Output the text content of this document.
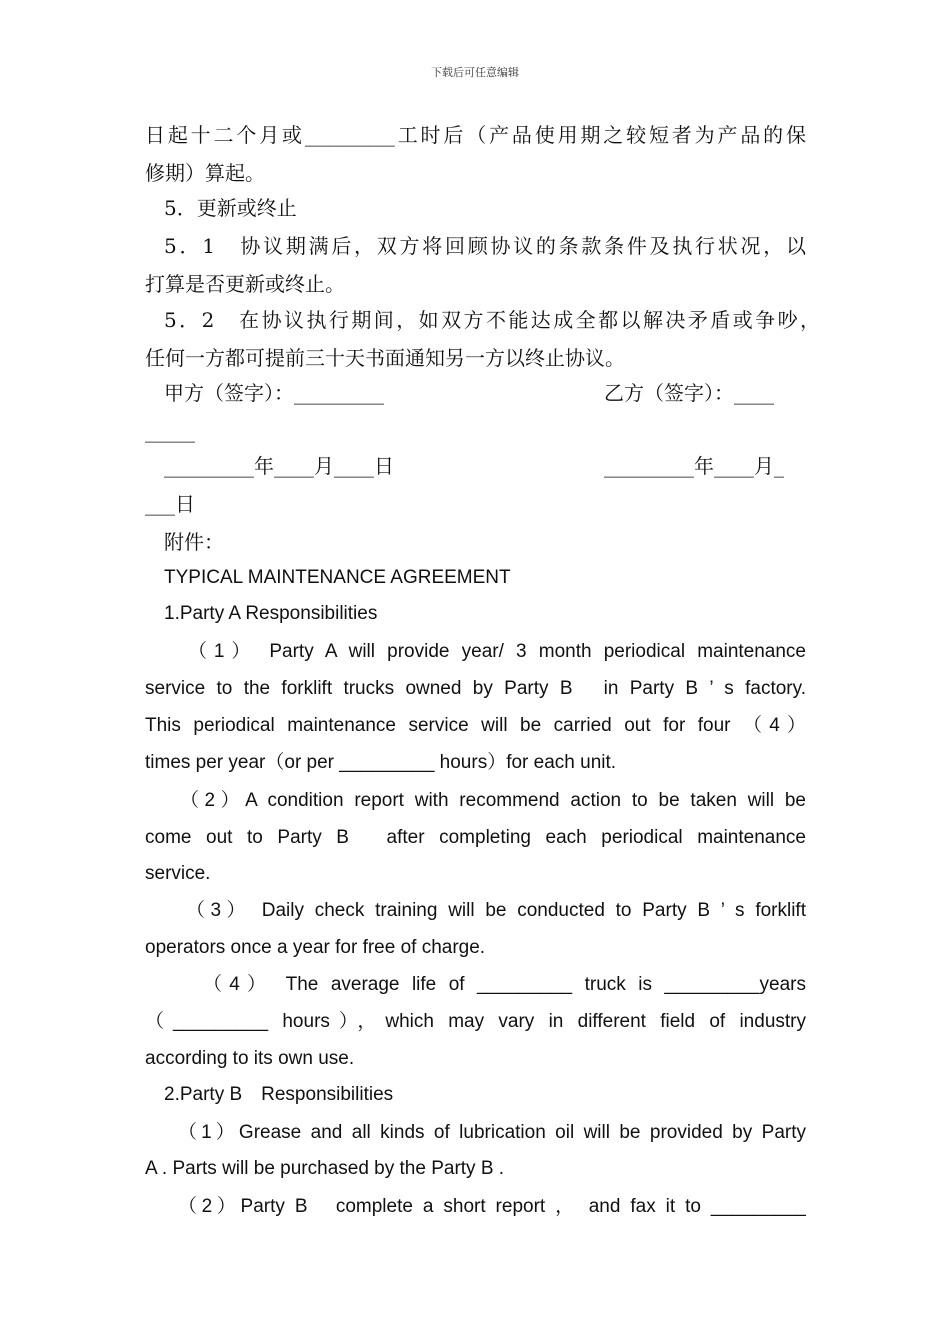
下载后可任意编辑
日起十二个月或_________工时后（产品使用期之较短者为产品的保
修期）算起。
5．更新或终止
5．1　协议期满后，双方将回顾协议的条款条件及执行状况，以
打算是否更新或终止。
5．2　在协议执行期间，如双方不能达成全都以解决矛盾或争吵，
任何一方都可提前三十天书面通知另一方以终止协议。
甲方（签字）：_________	乙方（签字）：____
_____
_________年____月____日	_________年____月_
___日
附件：
TYPICAL MAINTENANCE AGREEMENT
1.Party A Responsibilities
（1） Party A will provide year/ 3 month periodical maintenance
service to the forklift trucks owned by Party B　in Party B ’ s factory.
This periodical maintenance service will be carried out for four （4）
times per year（or per _________ hours）for each unit.
（2）A condition report with recommend action to be taken will be
come out to Party B　after completing each periodical maintenance
service.
（3） Daily check training will be conducted to Party B ’ s forklift
operators once a year for free of charge.
（4） The average life of _________ truck is _________years
（_________ hours），which may vary in different field of industry
according to its own use.
2.Party B　Responsibilities
（1）Grease and all kinds of lubrication oil will be provided by Party
A . Parts will be purchased by the Party B .
（2）Party B　complete a short report ， and fax it to _________
